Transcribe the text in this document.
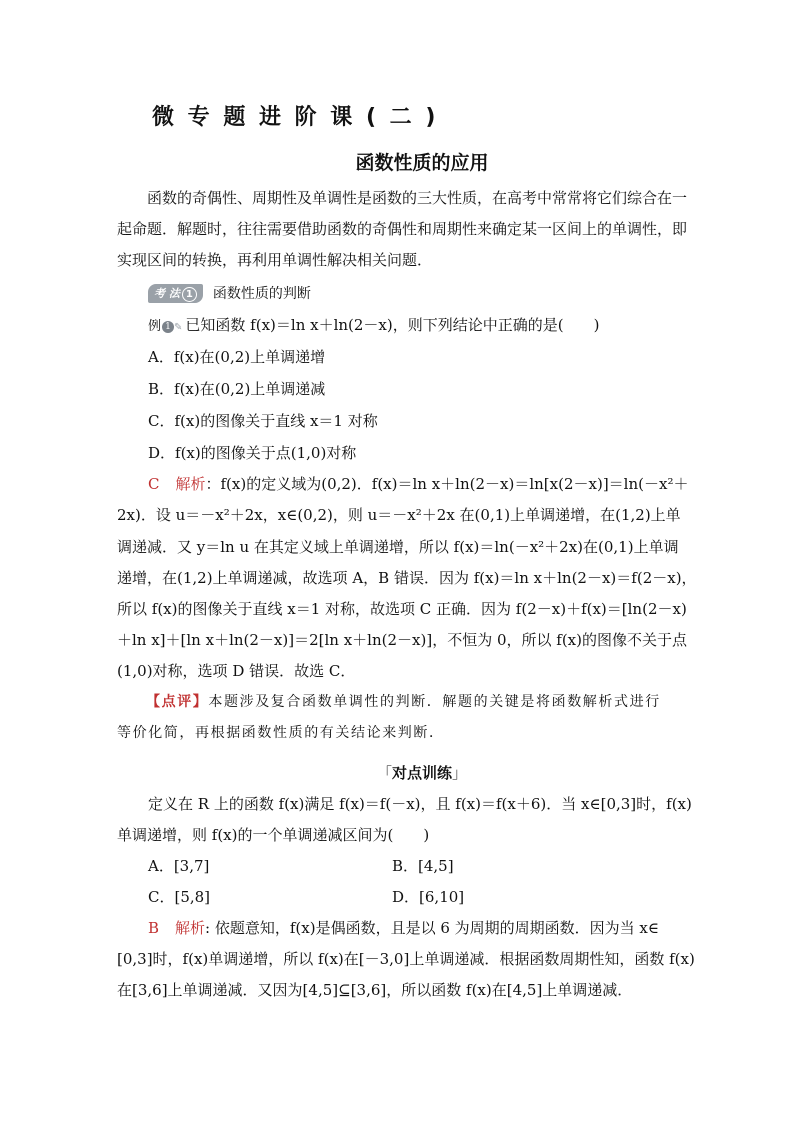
微 专 题 进 阶 课 ( 二 )
函数性质的应用

函数的奇偶性、周期性及单调性是函数的三大性质，在高考中常常将它们综合在一起命题．解题时，往往需要借助函数的奇偶性和周期性来确定某一区间上的单调性，即实现区间的转换，再利用单调性解决相关问题．

考 法 1 函数性质的判断
例 1 ✎ 已知函数 f(x)＝ln x＋ln(2－x)，则下列结论中正确的是(　　)
A．f(x)在(0,2)上单调递增
B．f(x)在(0,2)上单调递减
C．f(x)的图像关于直线 x＝1 对称
D．f(x)的图像关于点(1,0)对称
C 解析：f(x)的定义域为(0,2)．f(x)＝ln x＋ln(2－x)＝ln[x(2－x)]＝ln(－x²＋
2x)．设 u＝－x²＋2x，x∈(0,2)，则 u＝－x²＋2x 在(0,1)上单调递增，在(1,2)上单
调递减．又 y＝ln u 在其定义域上单调递增，所以 f(x)＝ln(－x²＋2x)在(0,1)上单调
递增，在(1,2)上单调递减，故选项 A，B 错误．因为 f(x)＝ln x＋ln(2－x)＝f(2－x)，
所以 f(x)的图像关于直线 x＝1 对称，故选项 C 正确．因为 f(2－x)＋f(x)＝[ln(2－x)
＋ln x]＋[ln x＋ln(2－x)]＝2[ln x＋ln(2－x)]，不恒为 0，所以 f(x)的图像不关于点
(1,0)对称，选项 D 错误．故选 C．
【点评】本题涉及复合函数单调性的判断．解题的关键是将函数解析式进行
等价化简，再根据函数性质的有关结论来判断．
「对点训练」
定义在 R 上的函数 f(x)满足 f(x)＝f(－x)，且 f(x)＝f(x＋6)．当 x∈[0,3]时，f(x)
单调递增，则 f(x)的一个单调递减区间为(　　)
A．[3,7]	B．[4,5]
C．[5,8]	D．[6,10]
B 解析: 依题意知，f(x)是偶函数，且是以 6 为周期的周期函数．因为当 x∈
[0,3]时，f(x)单调递增，所以 f(x)在[－3,0]上单调递减．根据函数周期性知，函数 f(x)
在[3,6]上单调递减．又因为[4,5]⊆[3,6]，所以函数 f(x)在[4,5]上单调递减．
